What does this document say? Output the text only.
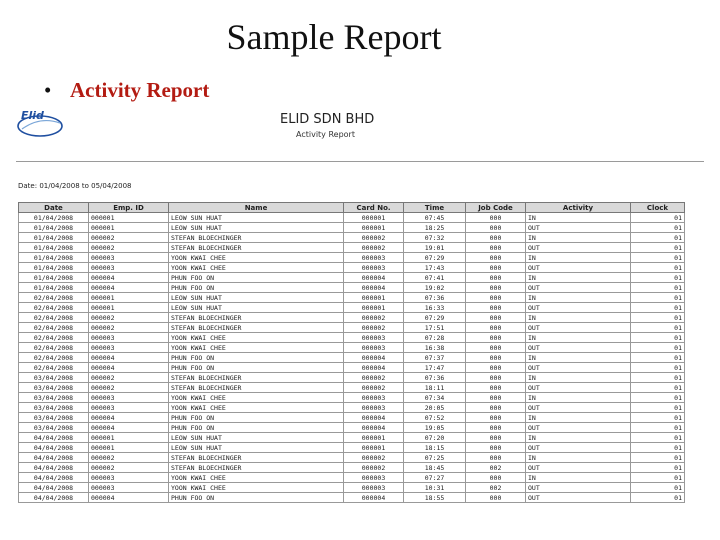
Sample Report
• Activity Report
Elid	ELID SDN BHD
Activity Report
Date: 01/04/2008 to 05/04/2008
Date	Emp. ID	Name	Card No.	Time	Job Code	Activity	Clock
01/04/2008	000001	LEOW SUN HUAT	000001	07:45	000	IN	01
01/04/2008	000001	LEOW SUN HUAT	000001	18:25	000	OUT	01
01/04/2008	000002	STEFAN BLOECHINGER	000002	07:32	000	IN	01
01/04/2008	000002	STEFAN BLOECHINGER	000002	19:01	000	OUT	01
01/04/2008	000003	YOON KWAI CHEE	000003	07:29	000	IN	01
01/04/2008	000003	YOON KWAI CHEE	000003	17:43	000	OUT	01
01/04/2008	000004	PHUN FOO ON	000004	07:41	000	IN	01
01/04/2008	000004	PHUN FOO ON	000004	19:02	000	OUT	01
02/04/2008	000001	LEOW SUN HUAT	000001	07:36	000	IN	01
02/04/2008	000001	LEOW SUN HUAT	000001	16:33	000	OUT	01
02/04/2008	000002	STEFAN BLOECHINGER	000002	07:29	000	IN	01
02/04/2008	000002	STEFAN BLOECHINGER	000002	17:51	000	OUT	01
02/04/2008	000003	YOON KWAI CHEE	000003	07:28	000	IN	01
02/04/2008	000003	YOON KWAI CHEE	000003	16:38	000	OUT	01
02/04/2008	000004	PHUN FOO ON	000004	07:37	000	IN	01
02/04/2008	000004	PHUN FOO ON	000004	17:47	000	OUT	01
03/04/2008	000002	STEFAN BLOECHINGER	000002	07:36	000	IN	01
03/04/2008	000002	STEFAN BLOECHINGER	000002	18:11	000	OUT	01
03/04/2008	000003	YOON KWAI CHEE	000003	07:34	000	IN	01
03/04/2008	000003	YOON KWAI CHEE	000003	20:05	000	OUT	01
03/04/2008	000004	PHUN FOO ON	000004	07:52	000	IN	01
03/04/2008	000004	PHUN FOO ON	000004	19:05	000	OUT	01
04/04/2008	000001	LEOW SUN HUAT	000001	07:20	000	IN	01
04/04/2008	000001	LEOW SUN HUAT	000001	18:15	000	OUT	01
04/04/2008	000002	STEFAN BLOECHINGER	000002	07:25	000	IN	01
04/04/2008	000002	STEFAN BLOECHINGER	000002	18:45	002	OUT	01
04/04/2008	000003	YOON KWAI CHEE	000003	07:27	000	IN	01
04/04/2008	000003	YOON KWAI CHEE	000003	10:31	002	OUT	01
04/04/2008	000004	PHUN FOO ON	000004	18:55	000	OUT	01
